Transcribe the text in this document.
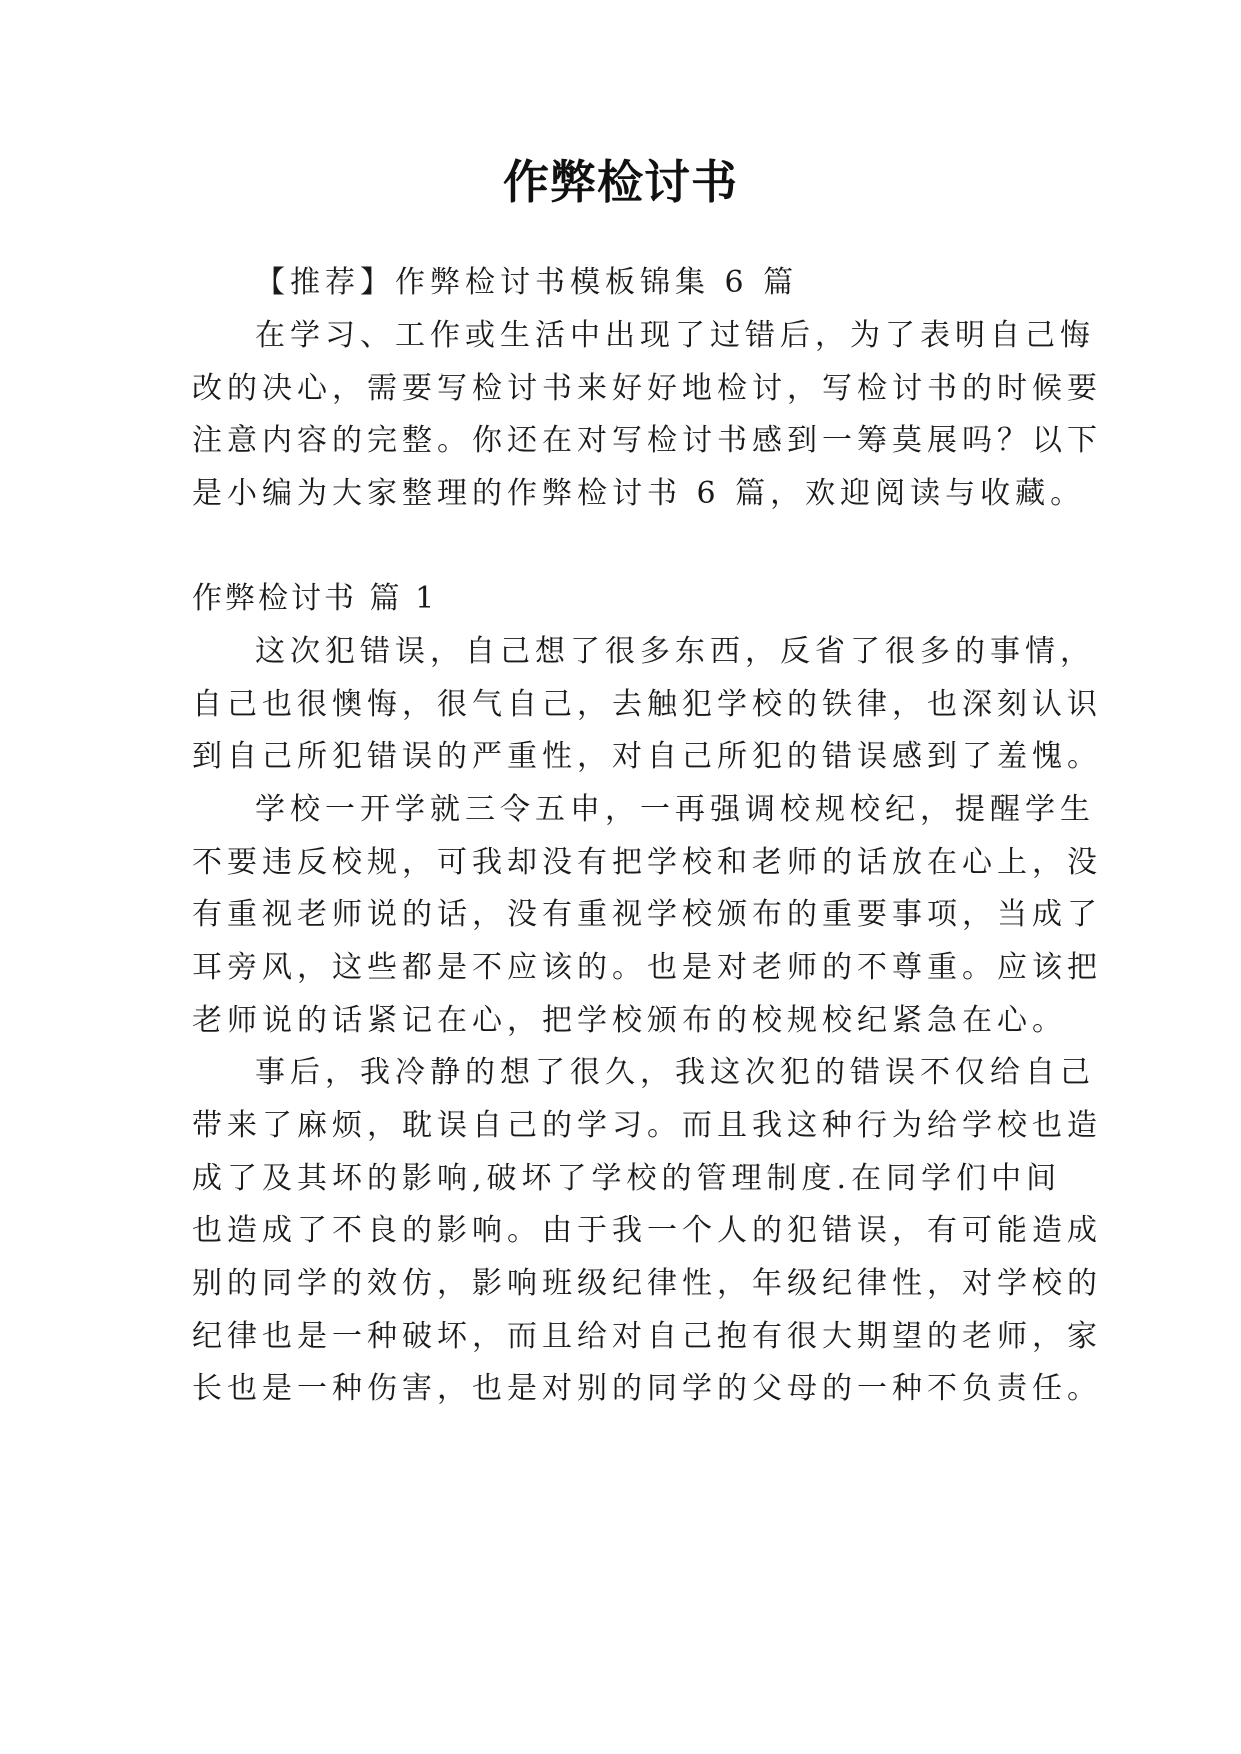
作弊检讨书
【推荐】作弊检讨书模板锦集 6 篇
在学习、工作或生活中出现了过错后，为了表明自己悔
改的决心，需要写检讨书来好好地检讨，写检讨书的时候要
注意内容的完整。你还在对写检讨书感到一筹莫展吗？以下
是小编为大家整理的作弊检讨书 6 篇，欢迎阅读与收藏。
作弊检讨书 篇 1
这次犯错误，自己想了很多东西，反省了很多的事情，
自己也很懊悔，很气自己，去触犯学校的铁律，也深刻认识
到自己所犯错误的严重性，对自己所犯的错误感到了羞愧。
学校一开学就三令五申，一再强调校规校纪，提醒学生
不要违反校规，可我却没有把学校和老师的话放在心上，没
有重视老师说的话，没有重视学校颁布的重要事项，当成了
耳旁风，这些都是不应该的。也是对老师的不尊重。应该把
老师说的话紧记在心，把学校颁布的校规校纪紧急在心。
事后，我冷静的想了很久，我这次犯的错误不仅给自己
带来了麻烦，耽误自己的学习。而且我这种行为给学校也造
成了及其坏的影响,破坏了学校的管理制度.在同学们中间
也造成了不良的影响。由于我一个人的犯错误，有可能造成
别的同学的效仿，影响班级纪律性，年级纪律性，对学校的
纪律也是一种破坏，而且给对自己抱有很大期望的老师，家
长也是一种伤害，也是对别的同学的父母的一种不负责任。
